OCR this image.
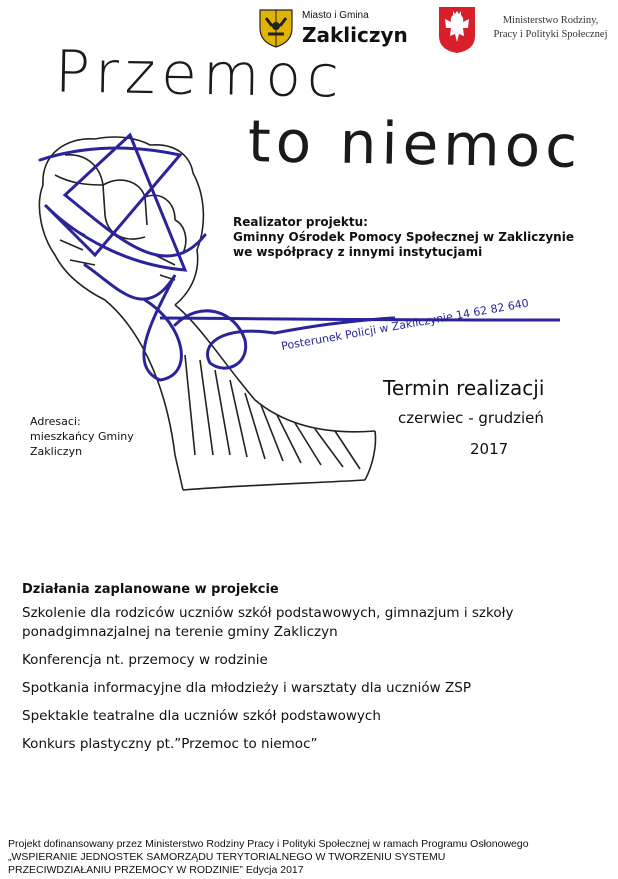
Miasto i Gmina
Zakliczyn
Ministerstwo Rodziny,
Pracy i Polityki Społecznej
Przemoc
to niemoc
Posterunek Policji w Zakliczynie 14 62 82 640
Realizator projektu:
Gminny Ośrodek Pomocy Społecznej w Zakliczynie
we współpracy z innymi instytucjami
Termin realizacji
czerwiec - grudzień
2017
Adresaci:
mieszkańcy Gminy
Zakliczyn
Działania zaplanowane w projekcie
Szkolenie dla rodziców uczniów szkół podstawowych, gimnazjum i szkoły ponadgimnazjalnej na terenie gminy Zakliczyn
Konferencja nt. przemocy w rodzinie
Spotkania informacyjne dla młodzieży i warsztaty dla uczniów ZSP
Spektakle teatralne dla uczniów szkół podstawowych
Konkurs plastyczny pt.”Przemoc to niemoc”
Projekt dofinansowany przez Ministerstwo Rodziny Pracy i Polityki Społecznej w ramach Programu Osłonowego
„WSPIERANIE JEDNOSTEK SAMORZĄDU TERYTORIALNEGO W TWORZENIU SYSTEMU
PRZECIWDZIAŁANIU PRZEMOCY W RODZINIE” Edycja 2017
